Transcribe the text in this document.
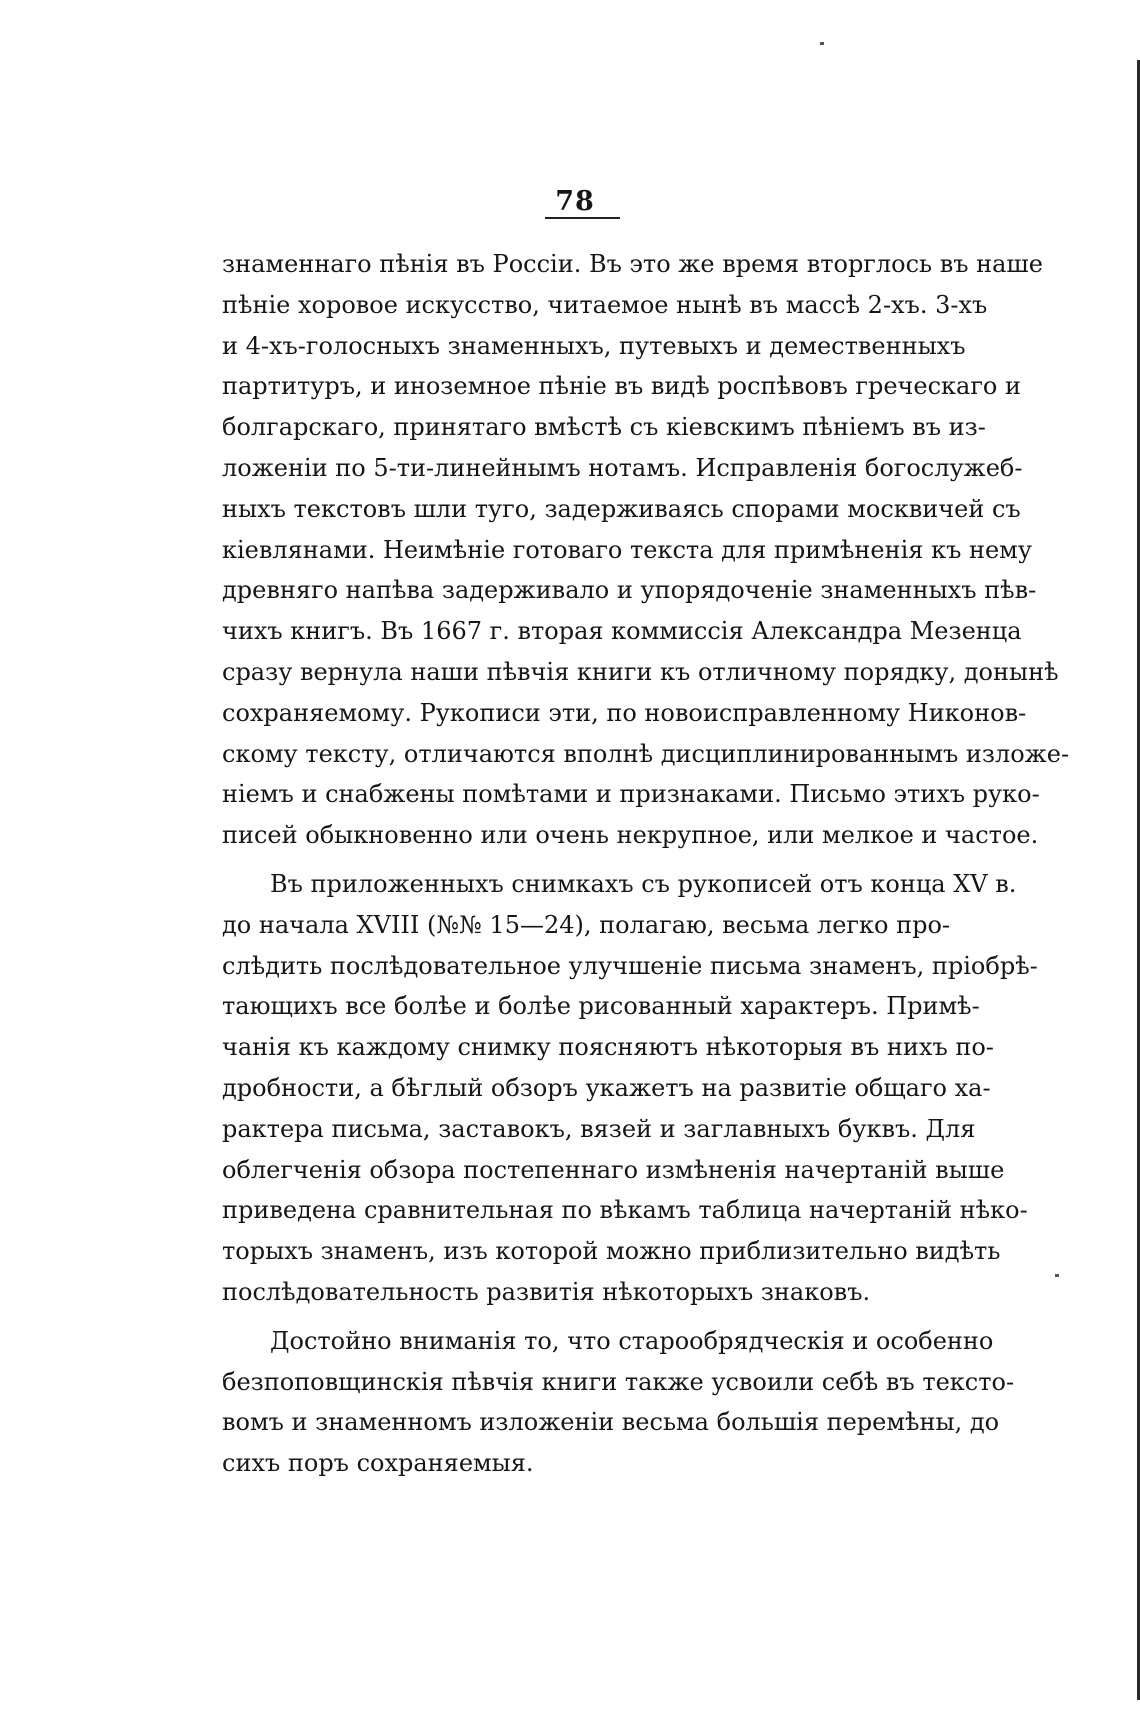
78
знаменнаго пѣнія въ Россіи. Въ это же время вторглось въ наше
пѣніе хоровое искусство, читаемое нынѣ въ массѣ 2-хъ. 3-хъ
и 4-хъ-голосныхъ знаменныхъ, путевыхъ и демественныхъ
партитуръ, и иноземное пѣніе въ видѣ роспѣвовъ греческаго и
болгарскаго, принятаго вмѣстѣ съ кіевскимъ пѣніемъ въ из-
ложеніи по 5-ти-линейнымъ нотамъ. Исправленія богослужеб-
ныхъ текстовъ шли туго, задерживаясь спорами москвичей съ
кіевлянами. Неимѣніе готоваго текста для примѣненія къ нему
древняго напѣва задерживало и упорядоченіе знаменныхъ пѣв-
чихъ книгъ. Въ 1667 г. вторая коммиссія Александра Мезенца
сразу вернула наши пѣвчія книги къ отличному порядку, донынѣ
сохраняемому. Рукописи эти, по новоисправленному Никонов-
скому тексту, отличаются вполнѣ дисциплинированнымъ изложе-
ніемъ и снабжены помѣтами и признаками. Письмо этихъ руко-
писей обыкновенно или очень некрупное, или мелкое и частое.
Въ приложенныхъ снимкахъ съ рукописей отъ конца XV в.
до начала XVIII (№№ 15—24), полагаю, весьма легко про-
слѣдить послѣдовательное улучшеніе письма знаменъ, пріобрѣ-
тающихъ все болѣе и болѣе рисованный характеръ. Примѣ-
чанія къ каждому снимку поясняютъ нѣкоторыя въ нихъ по-
дробности, а бѣглый обзоръ укажетъ на развитіе общаго ха-
рактера письма, заставокъ, вязей и заглавныхъ буквъ. Для
облегченія обзора постепеннаго измѣненія начертаній выше
приведена сравнительная по вѣкамъ таблица начертаній нѣко-
торыхъ знаменъ, изъ которой можно приблизительно видѣть
послѣдовательность развитія нѣкоторыхъ знаковъ.
Достойно вниманія то, что старообрядческія и особенно
безпоповщинскія пѣвчія книги также усвоили себѣ въ тексто-
вомъ и знаменномъ изложеніи весьма большія перемѣны, до
сихъ поръ сохраняемыя.
